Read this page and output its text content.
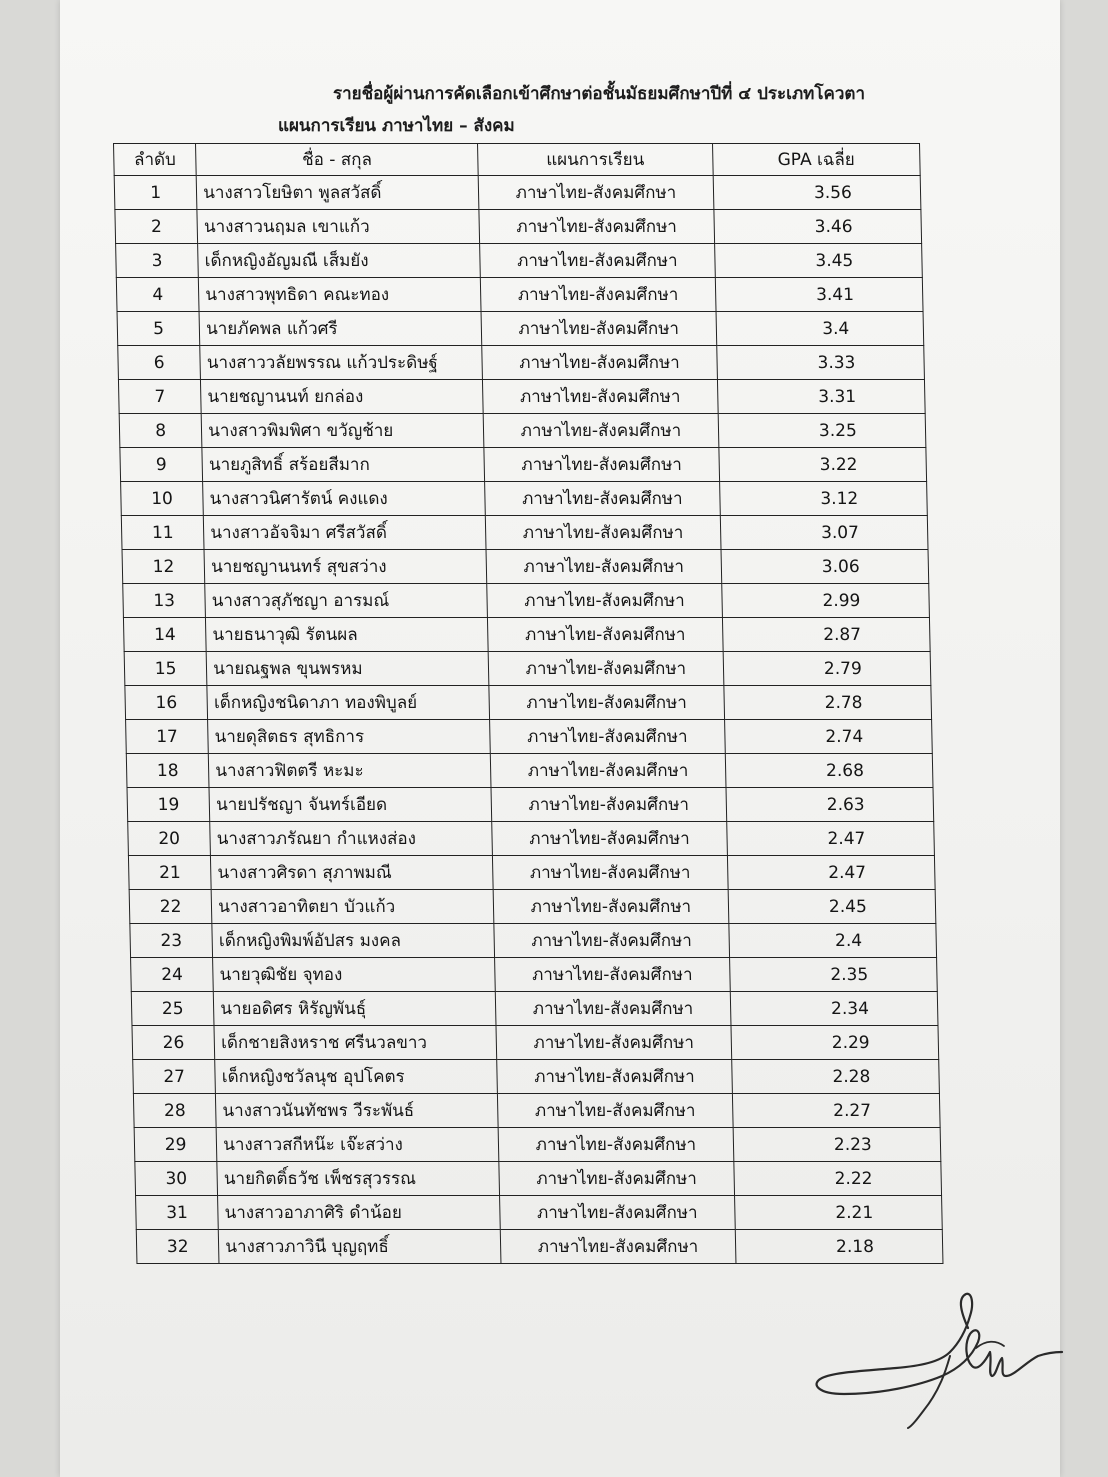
รายชื่อผู้ผ่านการคัดเลือกเข้าศึกษาต่อชั้นมัธยมศึกษาปีที่ ๔ ประเภทโควตา
แผนการเรียน ภาษาไทย – สังคม
ลำดับ	ชื่อ - สกุล	แผนการเรียน	GPA เฉลี่ย
1	นางสาวโยษิตา พูลสวัสดิ์	ภาษาไทย-สังคมศึกษา	3.56
2	นางสาวนฤมล เขาแก้ว	ภาษาไทย-สังคมศึกษา	3.46
3	เด็กหญิงอัญมณี เส็มยัง	ภาษาไทย-สังคมศึกษา	3.45
4	นางสาวพุทธิดา คณะทอง	ภาษาไทย-สังคมศึกษา	3.41
5	นายภัคพล แก้วศรี	ภาษาไทย-สังคมศึกษา	3.4
6	นางสาววลัยพรรณ แก้วประดิษฐ์	ภาษาไทย-สังคมศึกษา	3.33
7	นายชญานนท์ ยกล่อง	ภาษาไทย-สังคมศึกษา	3.31
8	นางสาวพิมพิศา ขวัญช้าย	ภาษาไทย-สังคมศึกษา	3.25
9	นายภูสิทธิ์ สร้อยสีมาก	ภาษาไทย-สังคมศึกษา	3.22
10	นางสาวนิศารัตน์ คงแดง	ภาษาไทย-สังคมศึกษา	3.12
11	นางสาวอัจจิมา ศรีสวัสดิ์	ภาษาไทย-สังคมศึกษา	3.07
12	นายชญานนทร์ สุขสว่าง	ภาษาไทย-สังคมศึกษา	3.06
13	นางสาวสุภัชญา อารมณ์	ภาษาไทย-สังคมศึกษา	2.99
14	นายธนาวุฒิ รัตนผล	ภาษาไทย-สังคมศึกษา	2.87
15	นายณฐพล ขุนพรหม	ภาษาไทย-สังคมศึกษา	2.79
16	เด็กหญิงชนิดาภา ทองพิบูลย์	ภาษาไทย-สังคมศึกษา	2.78
17	นายดุสิตธร สุทธิการ	ภาษาไทย-สังคมศึกษา	2.74
18	นางสาวฟิตตรี หะมะ	ภาษาไทย-สังคมศึกษา	2.68
19	นายปรัชญา จันทร์เอียด	ภาษาไทย-สังคมศึกษา	2.63
20	นางสาวภรัณยา กำแหงส่อง	ภาษาไทย-สังคมศึกษา	2.47
21	นางสาวศิรดา สุภาพมณี	ภาษาไทย-สังคมศึกษา	2.47
22	นางสาวอาทิตยา บัวแก้ว	ภาษาไทย-สังคมศึกษา	2.45
23	เด็กหญิงพิมพ์อัปสร มงคล	ภาษาไทย-สังคมศึกษา	2.4
24	นายวุฒิชัย จุทอง	ภาษาไทย-สังคมศึกษา	2.35
25	นายอดิศร หิรัญพันธุ์	ภาษาไทย-สังคมศึกษา	2.34
26	เด็กชายสิงหราช ศรีนวลขาว	ภาษาไทย-สังคมศึกษา	2.29
27	เด็กหญิงชวัลนุช อุปโคตร	ภาษาไทย-สังคมศึกษา	2.28
28	นางสาวนันทัชพร วีระพันธ์	ภาษาไทย-สังคมศึกษา	2.27
29	นางสาวสกีหน๊ะ เจ๊ะสว่าง	ภาษาไทย-สังคมศึกษา	2.23
30	นายกิตติ์ธวัช เพ็ชรสุวรรณ	ภาษาไทย-สังคมศึกษา	2.22
31	นางสาวอาภาศิริ ดำน้อย	ภาษาไทย-สังคมศึกษา	2.21
32	นางสาวภาวินี บุญฤทธิ์	ภาษาไทย-สังคมศึกษา	2.18
